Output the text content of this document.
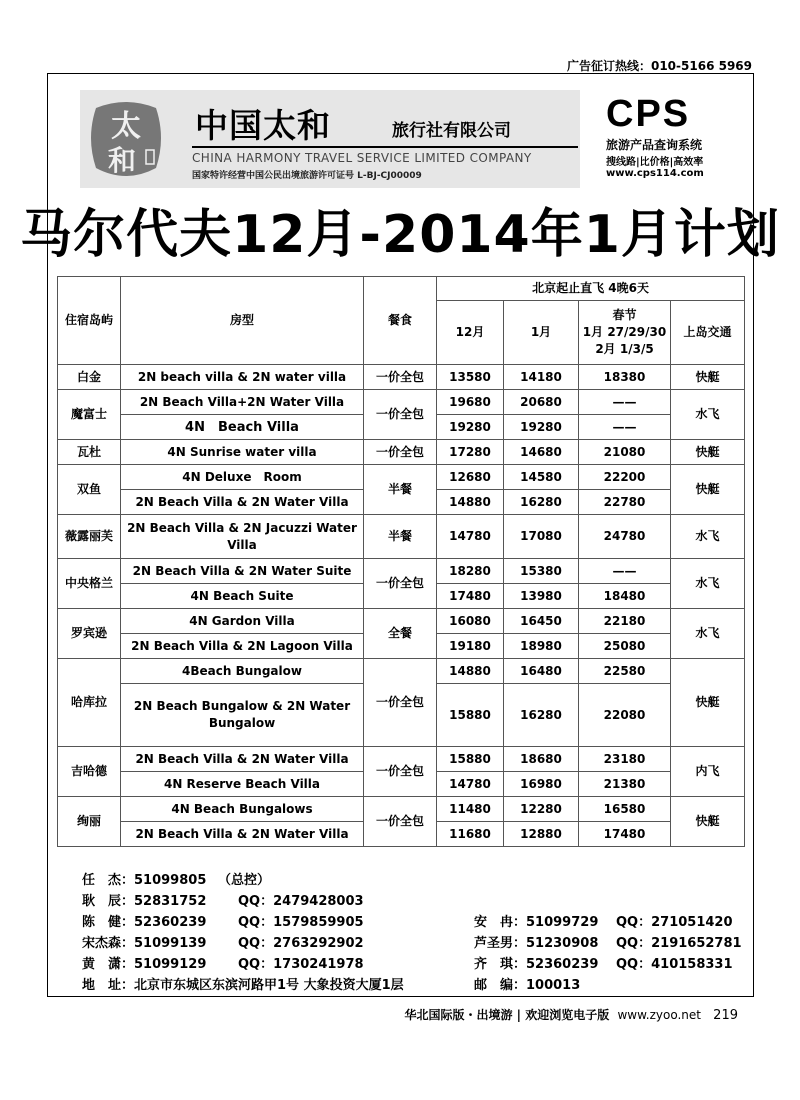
广告征订热线：010-5166 5969
太
和
中国太和	旅行社有限公司
CHINA HARMONY TRAVEL SERVICE LIMITED COMPANY
国家特许经营中国公民出境旅游许可证号 L-BJ-CJ00009
CPS
旅游产品查询系统
搜线路|比价格|高效率
www.cps114.com
马尔代夫12月-2014年1月计划
住宿岛屿	房型	餐食	北京起止直飞 4晚6天			
			12月	1月	春节
1月 27/29/30
2月 1/3/5	上岛交通
白金	2N beach villa & 2N water villa	一价全包	13580	14180	18380	快艇
魔富士	2N Beach Villa+2N Water Villa	一价全包	19680	20680	——	水飞
	4N　Beach Villa		19280	19280	——	
瓦杜	4N Sunrise water villa	一价全包	17280	14680	21080	快艇
双鱼	4N Deluxe　Room	半餐	12680	14580	22200	快艇
	2N Beach Villa & 2N Water Villa		14880	16280	22780	
薇露丽芙	2N Beach Villa & 2N Jacuzzi Water Villa	半餐	14780	17080	24780	水飞
中央格兰	2N Beach Villa & 2N Water Suite	一价全包	18280	15380	——	水飞
	4N Beach Suite		17480	13980	18480	
罗宾逊	4N Gardon Villa	全餐	16080	16450	22180	水飞
	2N Beach Villa & 2N Lagoon Villa		19180	18980	25080	
哈库拉	4Beach Bungalow	一价全包	14880	16480	22580	快艇
	2N Beach Bungalow & 2N Water Bungalow		15880	16280	22080	
吉哈德	2N Beach Villa & 2N Water Villa	一价全包	15880	18680	23180	内飞
	4N Reserve Beach Villa		14780	16980	21380	
绚丽	4N Beach Bungalows	一价全包	11480	12280	16580	快艇
	2N Beach Villa & 2N Water Villa		11680	12880	17480	
任　杰：51099805 （总控）
耿　辰：52831752 QQ：2479428003
陈　健：52360239 QQ：1579859905	安　冉：51099729 QQ：271051420
宋杰森：51099139 QQ：2763292902	芦圣男：51230908 QQ：2191652781
黄　潇：51099129 QQ：1730241978	齐　琪：52360239 QQ：410158331
地　址：北京市东城区东滨河路甲1号 大象投资大厦1层	邮　编：100013
华北国际版・出境游 | 欢迎浏览电子版 www.zyoo.net 219
